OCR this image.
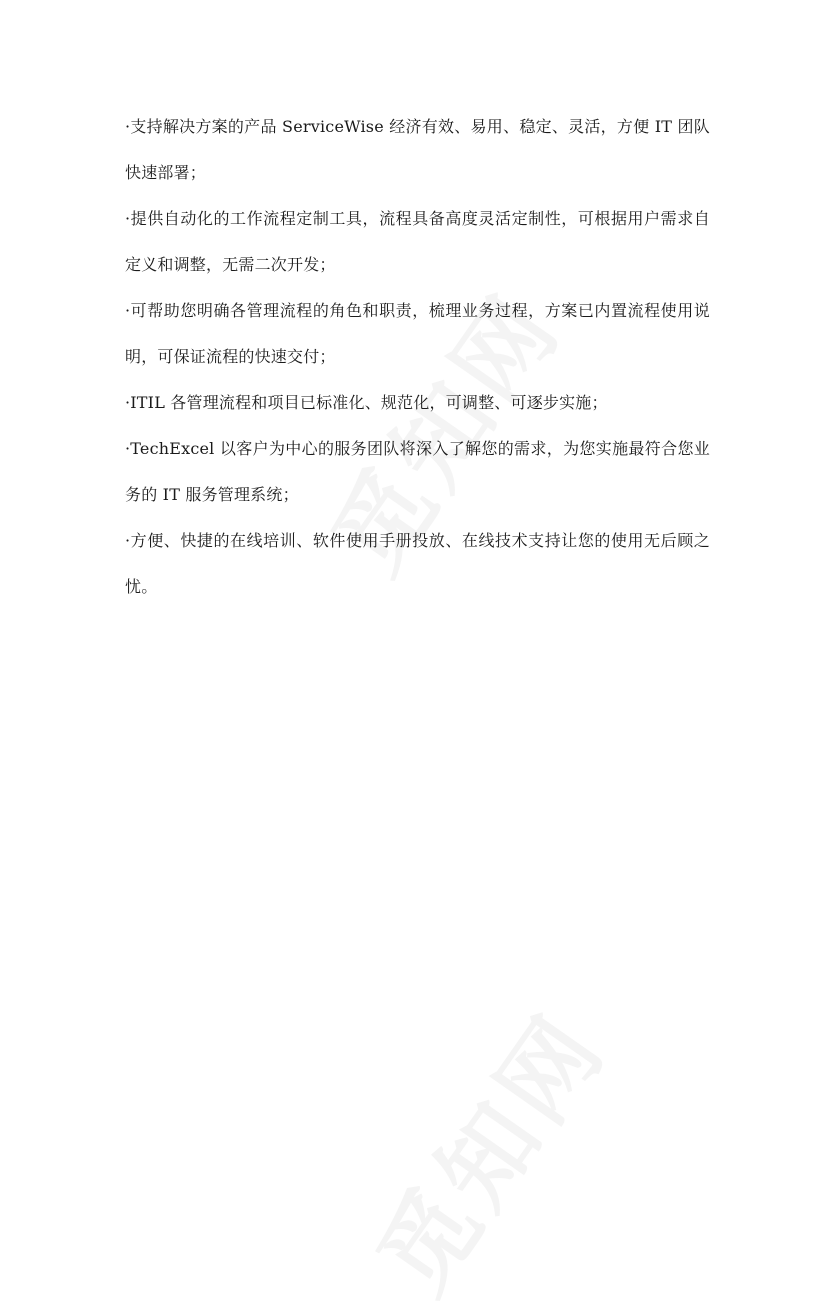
·支持解决方案的产品 ServiceWise 经济有效、易用、稳定、灵活，方便 IT 团队快速部署；

·提供自动化的工作流程定制工具，流程具备高度灵活定制性，可根据用户需求自定义和调整，无需二次开发；

·可帮助您明确各管理流程的角色和职责，梳理业务过程，方案已内置流程使用说明，可保证流程的快速交付；

·ITIL 各管理流程和项目已标准化、规范化，可调整、可逐步实施；

·TechExcel 以客户为中心的服务团队将深入了解您的需求，为您实施最符合您业务的 IT 服务管理系统；

·方便、快捷的在线培训、软件使用手册投放、在线技术支持让您的使用无后顾之忧。
